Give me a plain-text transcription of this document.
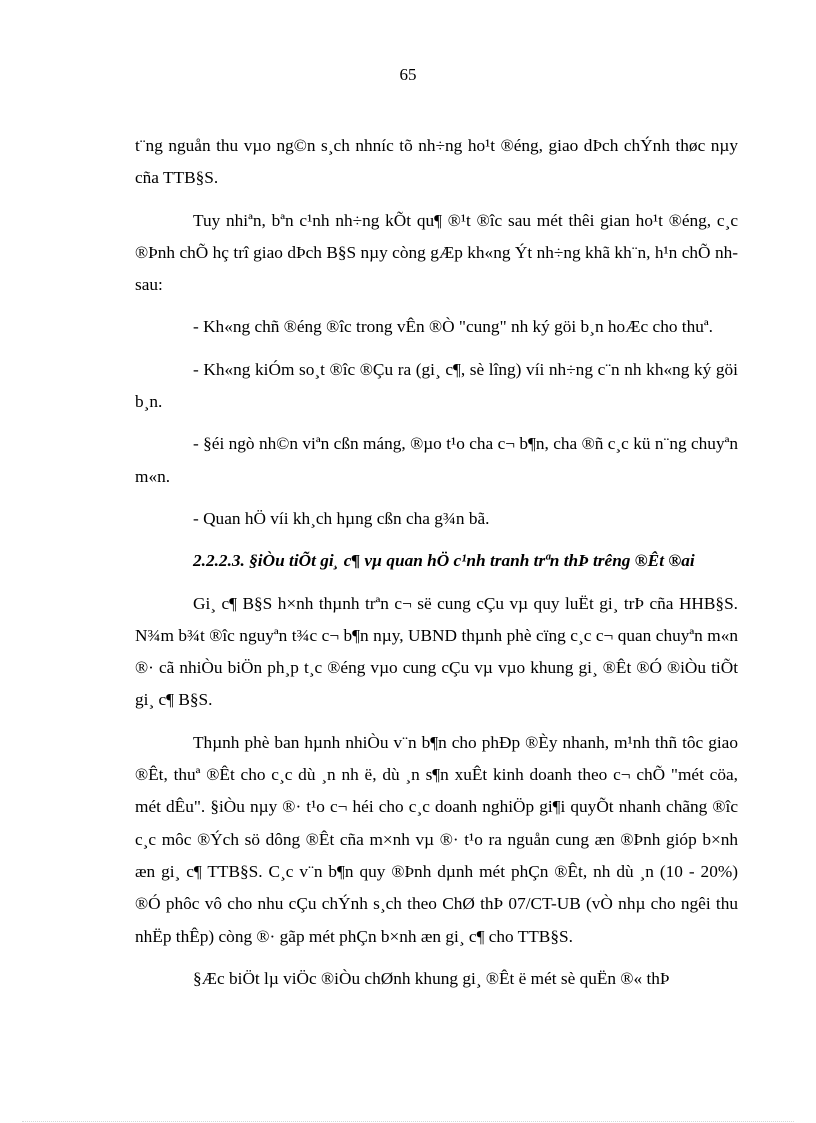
65

t¨ng nguån thu vµo ng©n s¸ch nhníc tõ nh÷ng ho¹t ®éng, giao dÞch chÝnh thøc nµy cña TTB§S.

Tuy nhiªn, bªn c¹nh nh÷ng kÕt qu¶ ®¹t ®îc sau mét thêi gian ho¹t ®éng, c¸c ®Þnh chÕ hç trî giao dÞch B§S nµy còng gÆp kh«ng Ýt nh÷ng khã kh¨n, h¹n chÕ nh sau:

- Kh«ng chñ ®éng ®îc trong vÊn ®Ò "cung" nh ký göi b¸n hoÆc cho thuª.

- Kh«ng kiÓm so¸t ®îc ®Çu ra (gi¸ c¶, sè lîng) víi nh÷ng c¨n nh kh«ng ký göi b¸n.

- §éi ngò nh©n viªn cßn máng, ®µo t¹o cha c¬ b¶n, cha ®ñ c¸c kü n¨ng chuyªn m«n.

- Quan hÖ víi kh¸ch hµng cßn cha g¾n bã.

2.2.2.3. §iÒu tiÕt gi¸ c¶ vµ quan hÖ c¹nh tranh trªn thÞ trêng ®Êt ®ai

Gi¸ c¶ B§S h×nh thµnh trªn c¬ së cung cÇu vµ quy luËt gi¸ trÞ cña HHB§S. N¾m b¾t ®îc nguyªn t¾c c¬ b¶n nµy, UBND thµnh phè cïng c¸c c¬ quan chuyªn m«n ®· cã nhiÒu biÖn ph¸p t¸c ®éng vµo cung cÇu vµ vµo khung gi¸ ®Êt ®Ó ®iÒu tiÕt gi¸ c¶ B§S.

Thµnh phè ban hµnh nhiÒu v¨n b¶n cho phÐp ®Èy nhanh, m¹nh thñ tôc giao ®Êt, thuª ®Êt cho c¸c dù ¸n nh ë, dù ¸n s¶n xuÊt kinh doanh theo c¬ chÕ "mét cöa, mét dÊu". §iÒu nµy ®· t¹o c¬ héi cho c¸c doanh nghiÖp gi¶i quyÕt nhanh chãng ®îc c¸c môc ®Ých sö dông ®Êt cña m×nh vµ ®· t¹o ra nguån cung æn ®Þnh gióp b×nh æn gi¸ c¶ TTB§S. C¸c v¨n b¶n quy ®Þnh dµnh mét phÇn ®Êt, nh dù ¸n (10 - 20%) ®Ó phôc vô cho nhu cÇu chÝnh s¸ch theo ChØ thÞ 07/CT-UB (vÒ nhµ cho ngêi thu nhËp thÊp) còng ®· gãp mét phÇn b×nh æn gi¸ c¶ cho TTB§S.

§Æc biÖt lµ viÖc ®iÒu chØnh khung gi¸ ®Êt ë mét sè quËn ®« thÞ
